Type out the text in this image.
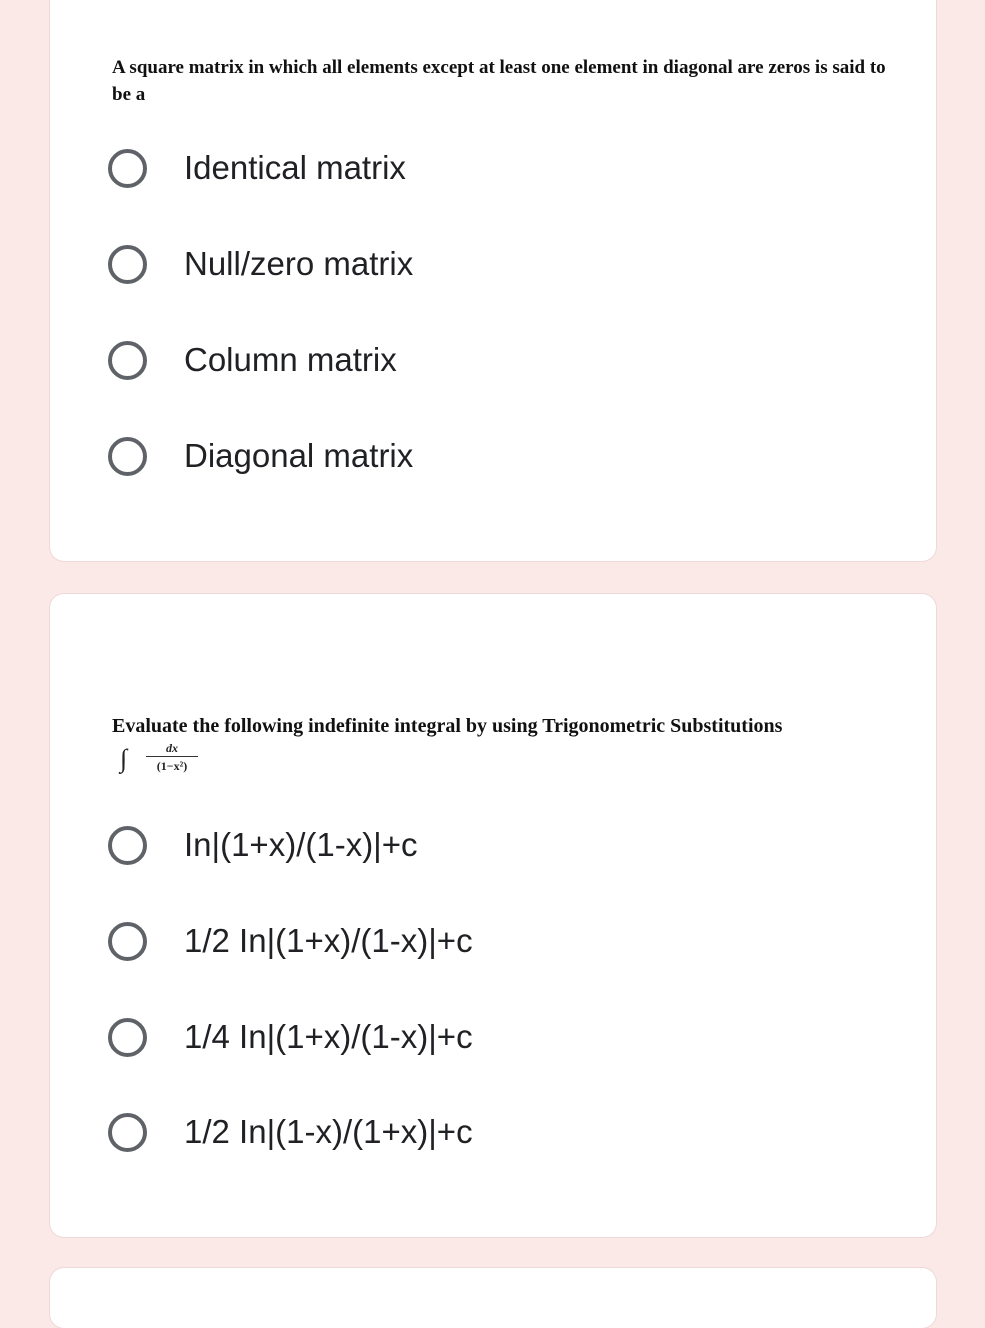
A square matrix in which all elements except at least one element in diagonal are zeros is said to be a
Identical matrix
Null/zero matrix
Column matrix
Diagonal matrix
Evaluate the following indefinite integral by using Trigonometric Substitutions
∫	dx
(1−x²)
In|(1+x)/(1-x)|+c
1/2 In|(1+x)/(1-x)|+c
1/4 In|(1+x)/(1-x)|+c
1/2 In|(1-x)/(1+x)|+c
